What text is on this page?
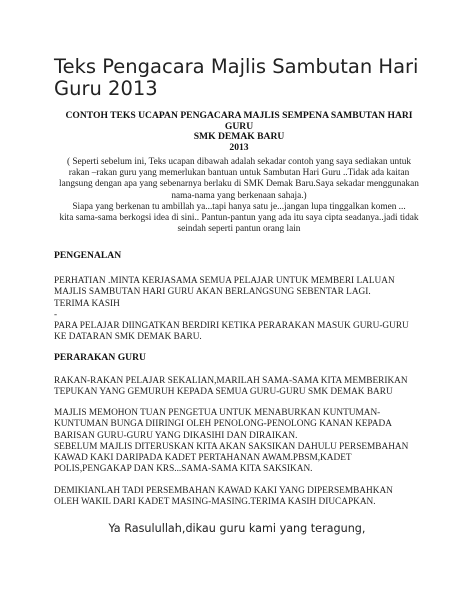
Teks Pengacara Majlis Sambutan Hari
Guru 2013
CONTOH TEKS UCAPAN PENGACARA MAJLIS SEMPENA SAMBUTAN HARI
GURU
SMK DEMAK BARU
2013
( Seperti sebelum ini, Teks ucapan dibawah adalah sekadar contoh yang saya sediakan untuk
rakan –rakan guru yang memerlukan bantuan untuk Sambutan Hari Guru ..Tidak ada kaitan
langsung dengan apa yang sebenarnya berlaku di SMK Demak Baru.Saya sekadar menggunakan
nama-nama yang berkenaan sahaja.)
Siapa yang berkenan tu ambillah ya...tapi hanya satu je...jangan lupa tinggalkan komen ...
kita sama-sama berkogsi idea di sini.. Pantun-pantun yang ada itu saya cipta seadanya..jadi tidak
seindah seperti pantun orang lain
PENGENALAN
PERHATIAN .MINTA KERJASAMA SEMUA PELAJAR UNTUK MEMBERI LALUAN
MAJLIS SAMBUTAN HARI GURU AKAN BERLANGSUNG SEBENTAR LAGI.
TERIMA KASIH
-
PARA PELAJAR DIINGATKAN BERDIRI KETIKA PERARAKAN MASUK GURU-GURU
KE DATARAN SMK DEMAK BARU.
PERARAKAN GURU
RAKAN-RAKAN PELAJAR SEKALIAN,MARILAH SAMA-SAMA KITA MEMBERIKAN
TEPUKAN YANG GEMURUH KEPADA SEMUA GURU-GURU SMK DEMAK BARU
MAJLIS MEMOHON TUAN PENGETUA UNTUK MENABURKAN KUNTUMAN-
KUNTUMAN BUNGA DIIRINGI OLEH PENOLONG-PENOLONG KANAN KEPADA
BARISAN GURU-GURU YANG DIKASIHI DAN DIRAIKAN.
SEBELUM MAJLIS DITERUSKAN KITA AKAN SAKSIKAN DAHULU PERSEMBAHAN
KAWAD KAKI DARIPADA KADET PERTAHANAN AWAM.PBSM,KADET
POLIS,PENGAKAP DAN KRS...SAMA-SAMA KITA SAKSIKAN.
DEMIKIANLAH TADI PERSEMBAHAN KAWAD KAKI YANG DIPERSEMBAHKAN
OLEH WAKIL DARI KADET MASING-MASING.TERIMA KASIH DIUCAPKAN.
Ya Rasulullah,dikau guru kami yang teragung,
